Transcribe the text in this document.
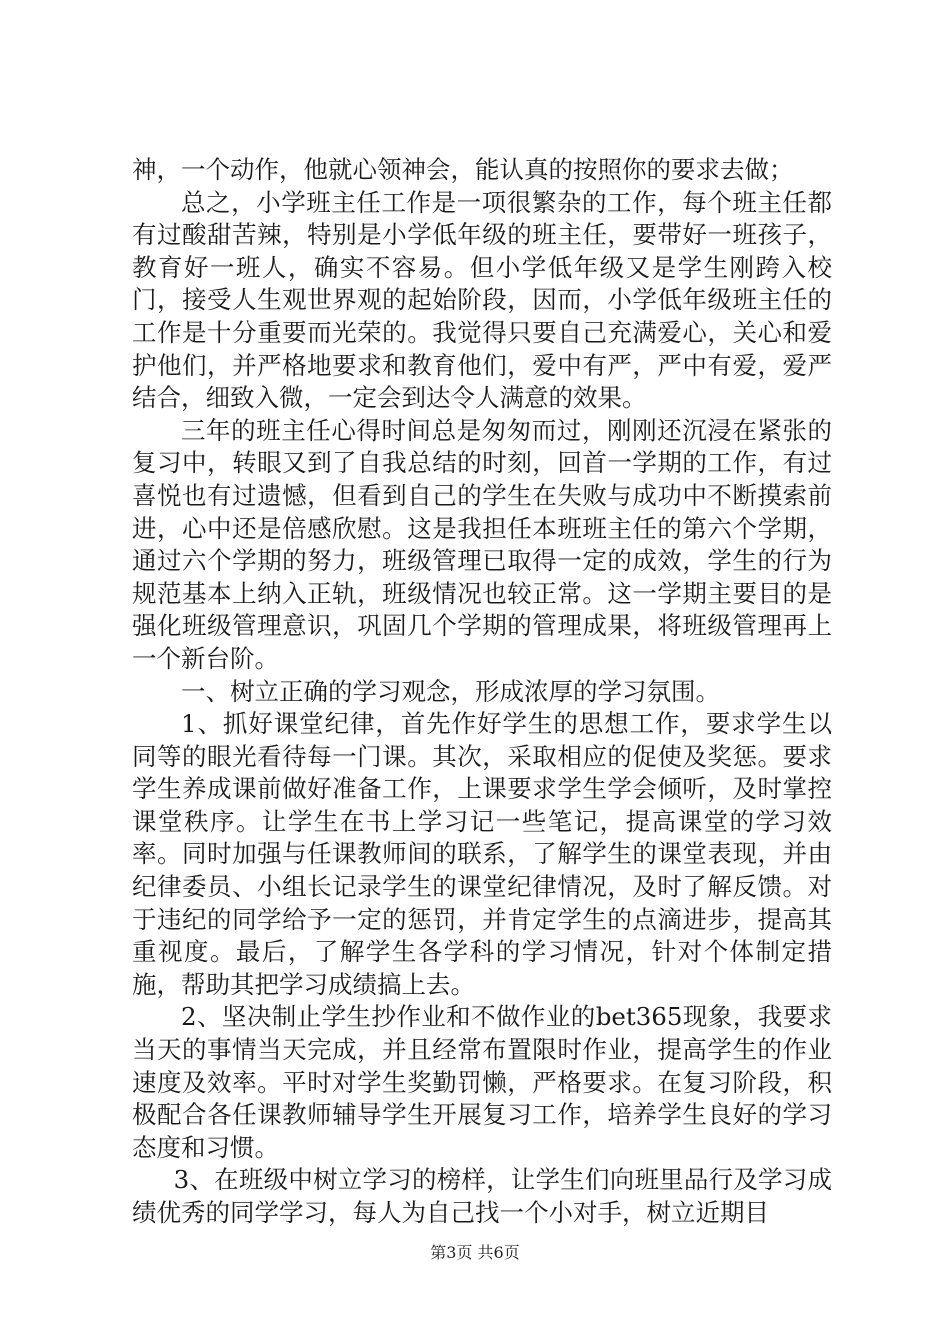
神，一个动作，他就心领神会，能认真的按照你的要求去做；

总之，小学班主任工作是一项很繁杂的工作，每个班主任都有过酸甜苦辣，特别是小学低年级的班主任，要带好一班孩子，教育好一班人，确实不容易。但小学低年级又是学生刚跨入校门，接受人生观世界观的起始阶段，因而，小学低年级班主任的工作是十分重要而光荣的。我觉得只要自己充满爱心，关心和爱护他们，并严格地要求和教育他们，爱中有严，严中有爱，爱严结合，细致入微，一定会到达令人满意的效果。

三年的班主任心得时间总是匆匆而过，刚刚还沉浸在紧张的复习中，转眼又到了自我总结的时刻，回首一学期的工作，有过喜悦也有过遗憾，但看到自己的学生在失败与成功中不断摸索前进，心中还是倍感欣慰。这是我担任本班班主任的第六个学期，通过六个学期的努力，班级管理已取得一定的成效，学生的行为规范基本上纳入正轨，班级情况也较正常。这一学期主要目的是强化班级管理意识，巩固几个学期的管理成果，将班级管理再上一个新台阶。

一、树立正确的学习观念，形成浓厚的学习氛围。

1、抓好课堂纪律，首先作好学生的思想工作，要求学生以同等的眼光看待每一门课。其次，采取相应的促使及奖惩。要求学生养成课前做好准备工作，上课要求学生学会倾听，及时掌控课堂秩序。让学生在书上学习记一些笔记，提高课堂的学习效率。同时加强与任课教师间的联系，了解学生的课堂表现，并由纪律委员、小组长记录学生的课堂纪律情况，及时了解反馈。对于违纪的同学给予一定的惩罚，并肯定学生的点滴进步，提高其重视度。最后，了解学生各学科的学习情况，针对个体制定措施，帮助其把学习成绩搞上去。

2、坚决制止学生抄作业和不做作业的bet365现象，我要求当天的事情当天完成，并且经常布置限时作业，提高学生的作业速度及效率。平时对学生奖勤罚懒，严格要求。在复习阶段，积极配合各任课教师辅导学生开展复习工作，培养学生良好的学习态度和习惯。

3、在班级中树立学习的榜样，让学生们向班里品行及学习成绩优秀的同学学习，每人为自己找一个小对手，树立近期目

第3页 共6页
